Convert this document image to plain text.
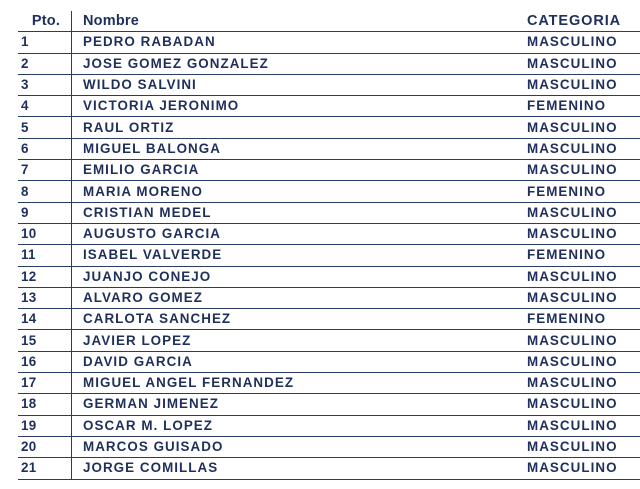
Pto.	Nombre	CATEGORIA
1	PEDRO RABADAN	MASCULINO
2	JOSE GOMEZ GONZALEZ	MASCULINO
3	WILDO SALVINI	MASCULINO
4	VICTORIA JERONIMO	FEMENINO
5	RAUL ORTIZ	MASCULINO
6	MIGUEL BALONGA	MASCULINO
7	EMILIO GARCIA	MASCULINO
8	MARIA MORENO	FEMENINO
9	CRISTIAN MEDEL	MASCULINO
10	AUGUSTO GARCIA	MASCULINO
11	ISABEL VALVERDE	FEMENINO
12	JUANJO CONEJO	MASCULINO
13	ALVARO GOMEZ	MASCULINO
14	CARLOTA SANCHEZ	FEMENINO
15	JAVIER LOPEZ	MASCULINO
16	DAVID GARCIA	MASCULINO
17	MIGUEL ANGEL FERNANDEZ	MASCULINO
18	GERMAN JIMENEZ	MASCULINO
19	OSCAR M. LOPEZ	MASCULINO
20	MARCOS GUISADO	MASCULINO
21	JORGE COMILLAS	MASCULINO
